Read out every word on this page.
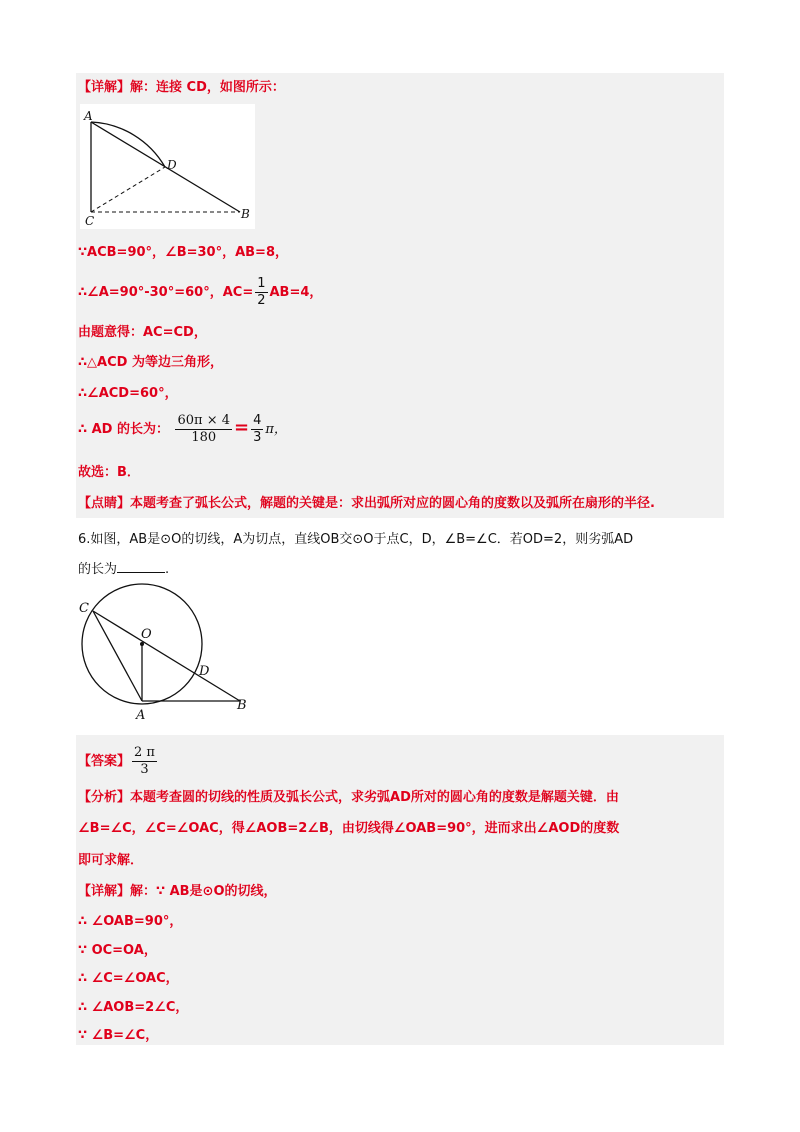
【详解】解：连接 CD，如图所示：
A
D
C	B
∵ACB=90°，∠B=30°，AB=8，
∴∠A=90°-30°=60°，$AC= \frac{1}{2} AB=4$，
由题意得：AC=CD，
∴△ACD 为等边三角形，
∴∠ACD=60°，
∴ AD 的长为： $\frac{60\pi \times 4}{180} = \frac{4}{3}$ π，
故选：B．
【点睛】本题考查了弧长公式，解题的关键是：求出弧所对应的圆心角的度数以及弧所在扇形的半径.
6.如图，AB是⊙O的切线，A为切点，直线OB交⊙O于点C，D，∠B=∠C．若OD=2，则劣弧AD
的长为	.
C
O
D
A
B
【答案】 $\frac{2 \pi}{3}$
【分析】本题考查圆的切线的性质及弧长公式，求劣弧AD所对的圆心角的度数是解题关键．由
∠B=∠C，∠C=∠OAC，得∠AOB=2∠B，由切线得∠OAB=90°，进而求出∠AOD的度数
即可求解．
【详解】解：∵ AB是⊙O的切线，
∴ ∠OAB=90°，
∵ OC=OA，
∴ ∠C=∠OAC，
∴ ∠AOB=2∠C，
∵ ∠B=∠C，
